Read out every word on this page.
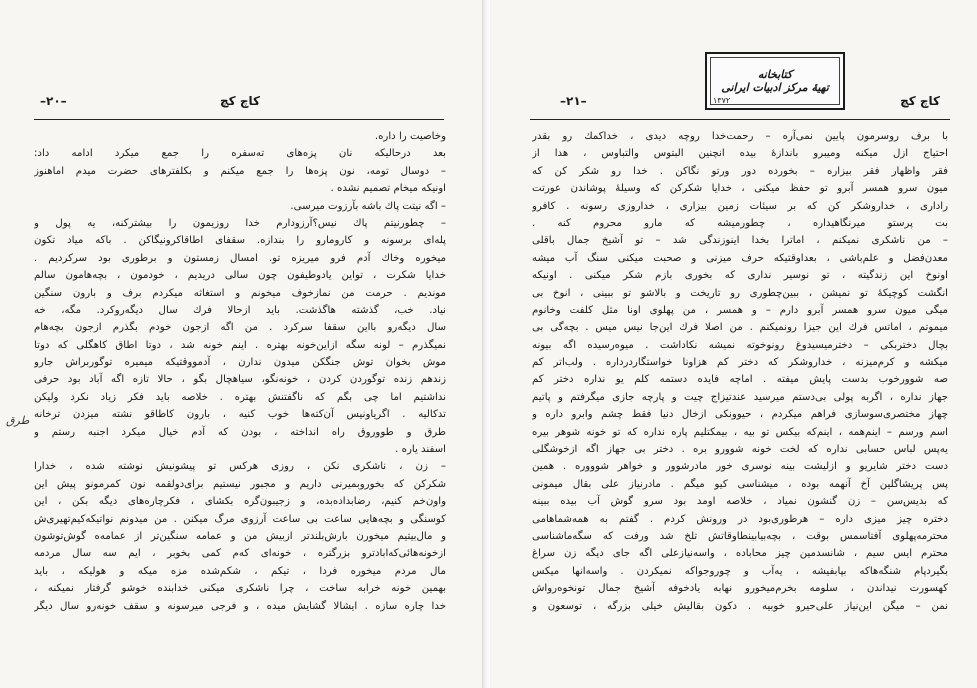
کاچ کچ
–۲۰–
وخاصیت را داره.
بعد درحالیکه نان پزه‌های ته‌سفره را جمع میکرد ادامه داد:
– دوسال تومه، نون پزه‌ها را جمع میکنم و بکلفترهای حضرت میدم اماهنوز
اونیکه میخام تصمیم نشده .
– اگه نیتت پاك باشه بآرزوت میرسی.
– چطورنیتم پاك نیس؟آرزودارم خدا روزیمون را بیشترکنه، یه پول و
پله‌ای برسونه و کارومارو را بندازه. سقفای اطاقاکرونیگاکن . باکه میاد تکون
میخوره وخاك آدم فرو میریزه تو. امسال زمستون و برطوری بود سرکردیم .
خدایا شکرت ، تواین یادوطیفون چون سالی دریدیم ، خودمون ، بچه‌هامون سالم
موندیم . حرمت من نمازخوف میخونم و استغاثه میکردم برف و بارون سنگین
نیاد. خب، گذشته هاگذشت. باید ازحالا فرك سال دیگه‌روکرد. مگه، خه
سال دیگه‌رو بااین سقفا سرکرد . من اگه ازجون خودم بگذرم ازجون بچه‌هام
نمیگذرم – لونه سگه ازاین‌خونه بهتره . اینم خونه شد ، دوتا اطاق کاهگلی که دوتا
موش بخوان توش جنگکن میدون ندارن ، آدمووقتیکه میمیره توگوربراش جارو
زندهم زنده توگوردن کردن ، خونه‌نگو، سیاهچال بگو ، حالا تازه اگه آباد بود حرفی
نداشتیم اما چی بگم که ناگفتنش بهتره . خلاصه باید فکر زیاد نکرد ولیکن
تدکالیه . اگریاونیس آن‌کته‌ها خوب کنیه ، بارون کاطاقو نشته میزدن ترخانه
طرق و طووروق راه انداخته ، بودن که آدم خیال میکرد اجنبه رستم و
اسفند یاره .
– زن ، ناشکری نکن ، روزی هرکس تو پیشونیش نوشته شده ، خدارا
شکرکن که بخوروبمیرنی داریم و مجبور نیستیم برای‌دولقمه نون کمرمونو پیش این
واون‌خم کنیم، رضابداده‌بده، و زجیبون‌گره بکشای ، فکرچاره‌های دیگه بکن ، این
کوسنگی و بچه‌هایی ساعت بی ساعت آرزوی مرگ میکنن . من میدونم نواتیکه‌کیم‌تهیری‌ش
و مال‌بیتیم میخورن بارش‌بلندتر ازبیش من و عمامه سنگین‌تر از عمامه‌ه گوش‌توشون
ازخونه‌هائی‌که‌ابادترو بزرگتره ، خونه‌ای که‌م کمی بخوبر ، ایم سه سال مردمه
مال مردم میخوره فردا ، تیکم ، شکم‌شده مزه میکه و هولیکه ، باید
بهمین خونه خرابه ساخت ، چرا ناشکری میکنی خدابنده خوشو گرفتار نمیکنه ،
خدا چاره سازه . ایشالا گشایش میده ، و فرجی میرسونه و سقف خونه‌رو سال دیگر
طرق
کتابخانه
تهیۀ مرکز ادبیات ایرانی
۱۳۷۲
–۲۱–	کاچ کچ
با برف روسرمون پایین نمی‌آره – رحمت‌خدا روچه دیدی ، خداکمك رو بقدر
احتیاج ازل میکنه ومیبرو باندازۀ بیده انچنین البتوس والتباوس ، هدا از
فقر واظهار فقر بیزاره – بخورده دور ورتو نگاکن . خدا رو شکر کن که
میون سرو همسر آبرو تو حفظ میکنی ، خدایا شکرکن که وسیلۀ پوشاندن عورتت
راداری ، خداروشکر کن که بر سیئات زمین بیزاری ، خداروزی رسونه . کافرو
بت پرستو میرنگاهیداره ، چطورمیشه که مارو محروم کنه .
– من ناشکری نمیکنم ، اماترا بخدا اینوزندگی شد – تو آشیخ جمال باقلی
معدن‌فضل و علم‌باشی ، بعداوقتیکه حرف میزنی و صحبت میکنی سنگ آب میشه
اونوخ این زندگیته ، تو نوسیر نداری که بخوری بازم شکر میکنی . اونیکه
انگشت کوچیکۀ تو نمیشن ، ببین‌چطوری رو تاریخت و بالاشو تو ببینی ، انوخ بی
میگی میون سرو همسر آبرو دارم – و همسر ، من پهلوی اونا مثل کلفت وخانوم
میموتم ، اماتس فرك این جیزا رونمیکنم . من اصلا فرك این‌جا نیس میس . بچه‌گی بی
بچال دختربکی – دخترمیسیدوغ رونوخوته نمیشه نکاداشت . میوه‌رسیده اگه بیونه
میکشه و کرم‌میزنه ، خداروشکر که دختر کم هزاونا خواستگاردرداره . ولب‌اتر کم
صه شوورخوب بدست پایش میفته . اماچه فایده دستمه کلم یو نداره دختر کم
جهاز نداره ، اگربه پولی بی‌دستم میرسید عندتیزاج چیت و پارچه جازی میگرفتم و پاتیم
چهاز مختصری‌سوسازی فراهم میکردم ، حیوونکی ازخال دنیا فقط چشم وابرو داره و
اسم ورسم – اینم‌همه ، اینم‌که‌ بیکس‌ تو بیه ، بیمكتلیم پاره نداره که‌ تو خونه شوهر بیره
یه‌پس لباس‌ حسابی نداره که‌ لخت خونه شوورو بره . دختر بی جهاز اگه ازخوشگلی
دست دختر شایریو و ازلیشت بینه نوسری خور مادرشوور و خواهر شوووره . همین
پس پریشاگلین آخ آنهمه بوده ، میشناسی کیو میگم . مادرنیاز علی بقال میمونی
که بدیس‌سن – زن گنشون نمیاد ، خلاصه اومد بود سرو گوش آب بیده ببینه
دختره چیز میزی داره – هرطوری‌بود در ورونش کردم . گفتم به همه‌شماهامی
محترمه‌پهلوی آفتاسمس بوقت ، بچه‌بیابینطاوقاتش تلخ شد ورفت که سگه‌ماشناسی‌
محترم ایس سیم ، شانسد‌‌مین چیز محاباده ، واسه‌نیازعلی اگه‌ جای دیگه زن سراغ
بگیرد‌پام شنگه‌هاکه بپابفیشه ، یه‌آب و چوروجواکه نمیکردن . واسه‌انها میکس
کهسورت نیداندن ، سلومه بخرم‌میخورو نهابه‌ یادخوفه آشیخ جمال تونخوه‌رواش
نمن – میگن این‌نیاز علی‌حیرو خوبیه . دکون بقالیش خیلی بزرگه ، توسعون و
